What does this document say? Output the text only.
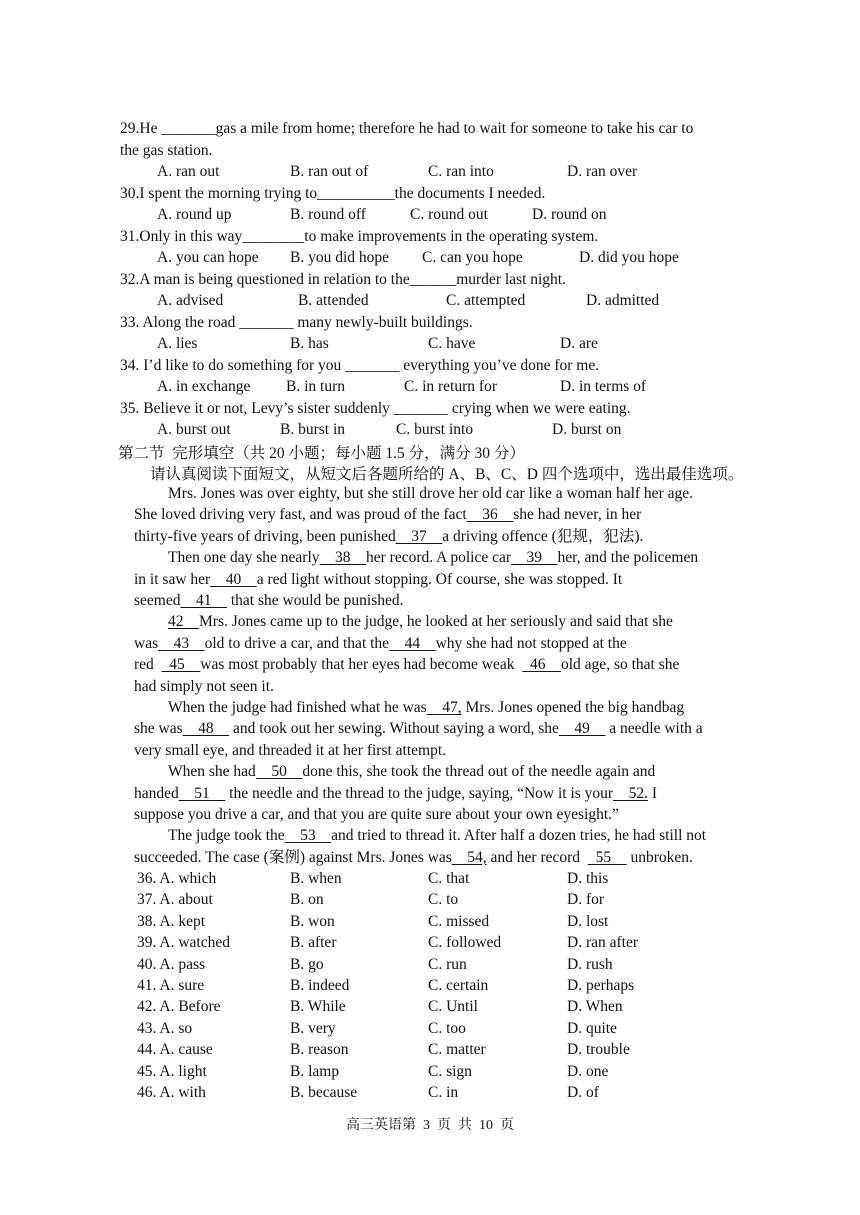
29.He _______gas a mile from home; therefore he had to wait for someone to take his car to
the gas station.
A. ran out	B. ran out of	C. ran into	D. ran over
30.I spent the morning trying to__________the documents I needed.
A. round up	B. round off	C. round out	D. round on
31.Only in this way________to make improvements in the operating system.
A. you can hope B. you did hope C. can you hope	D. did you hope
32.A man is being questioned in relation to the______murder last night.
A. advised	B. attended	C. attempted	D. admitted
33. Along the road _______ many newly-built buildings.
A. lies	B. has	C. have	D. are
34. I’d like to do something for you _______ everything you’ve done for me.
A. in exchange B. in turn	C. in return for	D. in terms of
35. Believe it or not, Levy’s sister suddenly _______ crying when we were eating.
A. burst out	B. burst in	C. burst into	D. burst on
第二节  完形填空（共 20 小题；每小题 1.5 分，满分 30 分）
请认真阅读下面短文，从短文后各题所给的 A、B、C、D 四个选项中，选出最佳选项。
Mrs. Jones was over eighty, but she still drove her old car like a woman half her age.
She loved driving very fast, and was proud of the fact    36    she had never, in her
thirty-five years of driving, been punished    37    a driving offence (犯规，犯法).
Then one day she nearly    38    her record. A police car    39    her, and the policemen
in it saw her    40    a red light without stopping. Of course, she was stopped. It
seemed    41     that she would be punished.
42    Mrs. Jones came up to the judge, he looked at her seriously and said that she
was    43    old to drive a car, and that the    44    why she had not stopped at the
red    45    was most probably that her eyes had become weak    46    old age, so that she
had simply not seen it.
When the judge had finished what he was    47, Mrs. Jones opened the big handbag
she was    48     and took out her sewing. Without saying a word, she    49     a needle with a
very small eye, and threaded it at her first attempt.
When she had    50    done this, she took the thread out of the needle again and
handed    51     the needle and the thread to the judge, saying, “Now it is your    52. I
suppose you drive a car, and that you are quite sure about your own eyesight.”
The judge took the    53    and tried to thread it. After half a dozen tries, he had still not
succeeded. The case (案例) against Mrs. Jones was    54, and her record    55     unbroken.
36. A. which	B. when	C. that	D. this
37. A. about	B. on	C. to	D. for
38. A. kept	B. won	C. missed	D. lost
39. A. watched	B. after	C. followed	D. ran after
40. A. pass	B. go	C. run	D. rush
41. A. sure	B. indeed	C. certain	D. perhaps
42. A. Before	B. While	C. Until	D. When
43. A. so	B. very	C. too	D. quite
44. A. cause	B. reason	C. matter	D. trouble
45. A. light	B. lamp	C. sign	D. one
46. A. with	B. because	C. in	D. of
高三英语第  3  页  共  10  页
